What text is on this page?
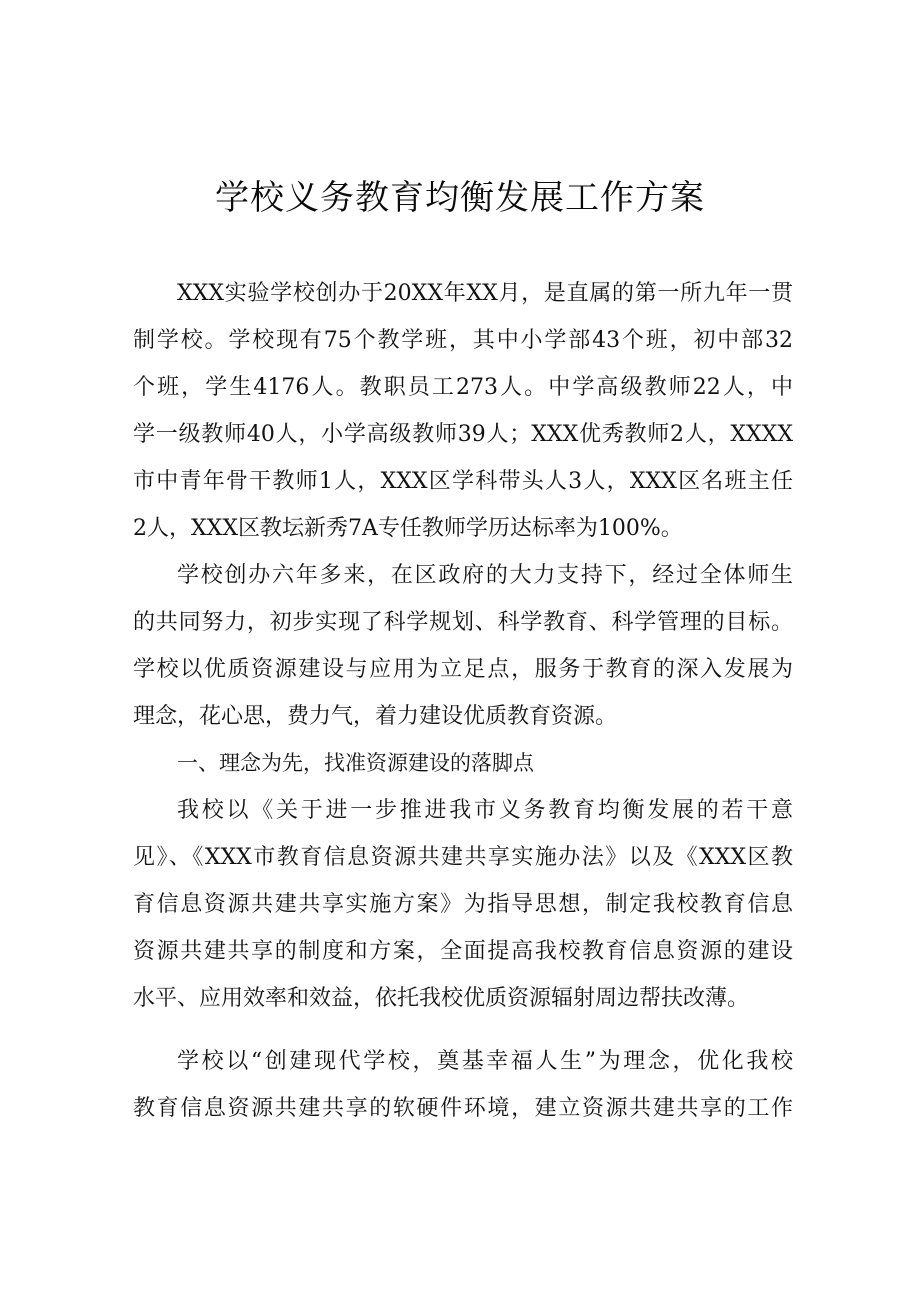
学校义务教育均衡发展工作方案
XXX实验学校创办于20XX年XX月，是直属的第一所九年一贯
制学校。学校现有75个教学班，其中小学部43个班，初中部32
个班，学生4176人。教职员工273人。中学高级教师22人，中
学一级教师40人，小学高级教师39人；XXX优秀教师2人，XXXX
市中青年骨干教师1人，XXX区学科带头人3人，XXX区名班主任
2人，XXX区教坛新秀7A专任教师学历达标率为100%。
学校创办六年多来，在区政府的大力支持下，经过全体师生
的共同努力，初步实现了科学规划、科学教育、科学管理的目标。
学校以优质资源建设与应用为立足点，服务于教育的深入发展为
理念，花心思，费力气，着力建设优质教育资源。
一、理念为先，找准资源建设的落脚点
我校以《关于进一步推进我市义务教育均衡发展的若干意
见》、《XXX市教育信息资源共建共享实施办法》以及《XXX区教
育信息资源共建共享实施方案》为指导思想，制定我校教育信息
资源共建共享的制度和方案，全面提高我校教育信息资源的建设
水平、应用效率和效益，依托我校优质资源辐射周边帮扶改薄。
学校以“创建现代学校，奠基幸福人生”为理念，优化我校
教育信息资源共建共享的软硬件环境，建立资源共建共享的工作
